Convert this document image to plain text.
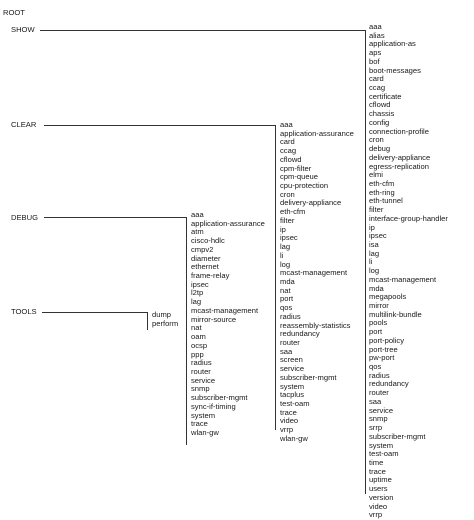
ROOT
SHOW	aaa
alias
application-as
aps
bof
boot-messages
card
ccag
certificate
cflowd
chassis
config
connection-profile
cron
debug
delivery-appliance
egress-replication
elmi
eth-cfm
eth-ring
eth-tunnel
filter
interface-group-handler
ip
ipsec
isa
lag
li
log
mcast-management
mda
megapools
mirror
multilink-bundle
pools
port
port-policy
port-tree
pw-port
qos
radius
redundancy
router
saa
service
snmp
srrp
subscriber-mgmt
system
test-oam
time
trace
uptime
users
version
video
vrrp
CLEAR	aaa
application-assurance
card
ccag
cflowd
cpm-filter
cpm-queue
cpu-protection
cron
delivery-appliance
eth-cfm
filter
ip
ipsec
lag
li
log
mcast-management
mda
nat
port
qos
radius
reassembly-statistics
redundancy
router
saa
screen
service
subscriber-mgmt
system
tacplus
test-oam
trace
video
vrrp
wlan-gw
DEBUG	aaa
application-assurance
atm
cisco-hdlc
cmpv2
diameter
ethernet
frame-relay
ipsec
l2tp
lag
mcast-management
mirror-source
nat
oam
ocsp
ppp
radius
router
service
snmp
subscriber-mgmt
sync-if-timing
system
trace
wlan-gw
TOOLS	dump
perform
